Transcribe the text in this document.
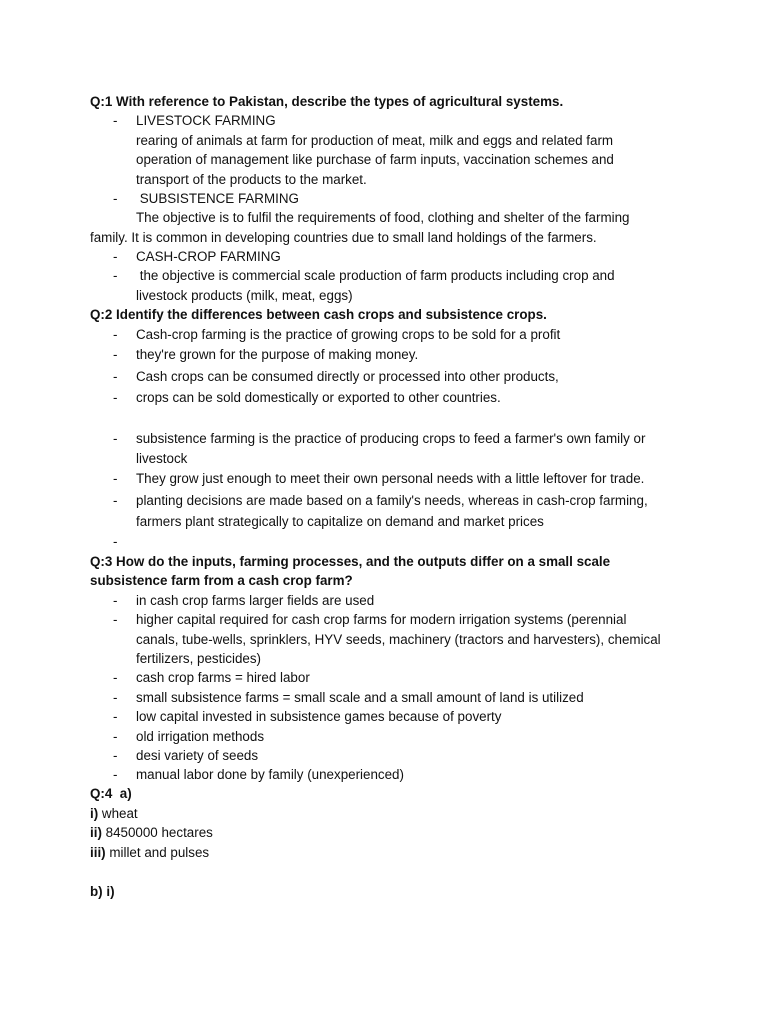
Q:1 With reference to Pakistan, describe the types of agricultural systems.
- LIVESTOCK FARMING
rearing of animals at farm for production of meat, milk and eggs and related farm
operation of management like purchase of farm inputs, vaccination schemes and
transport of the products to the market.
- SUBSISTENCE FARMING
The objective is to fulfil the requirements of food, clothing and shelter of the farming
family. It is common in developing countries due to small land holdings of the farmers.
- CASH-CROP FARMING
- the objective is commercial scale production of farm products including crop and
livestock products (milk, meat, eggs)
Q:2 Identify the differences between cash crops and subsistence crops.
- Cash-crop farming is the practice of growing crops to be sold for a profit
- they're grown for the purpose of making money.
- Cash crops can be consumed directly or processed into other products,
- crops can be sold domestically or exported to other countries.
- subsistence farming is the practice of producing crops to feed a farmer's own family or
livestock
- They grow just enough to meet their own personal needs with a little leftover for trade.
- planting decisions are made based on a family's needs, whereas in cash-crop farming,
farmers plant strategically to capitalize on demand and market prices
-
Q:3 How do the inputs, farming processes, and the outputs differ on a small scale
subsistence farm from a cash crop farm?
- in cash crop farms larger fields are used
- higher capital required for cash crop farms for modern irrigation systems (perennial
canals, tube-wells, sprinklers, HYV seeds, machinery (tractors and harvesters), chemical
fertilizers, pesticides)
- cash crop farms = hired labor
- small subsistence farms = small scale and a small amount of land is utilized
- low capital invested in subsistence games because of poverty
- old irrigation methods
- desi variety of seeds
- manual labor done by family (unexperienced)
Q:4  a)
i) wheat
ii) 8450000 hectares
iii) millet and pulses
b) i)
